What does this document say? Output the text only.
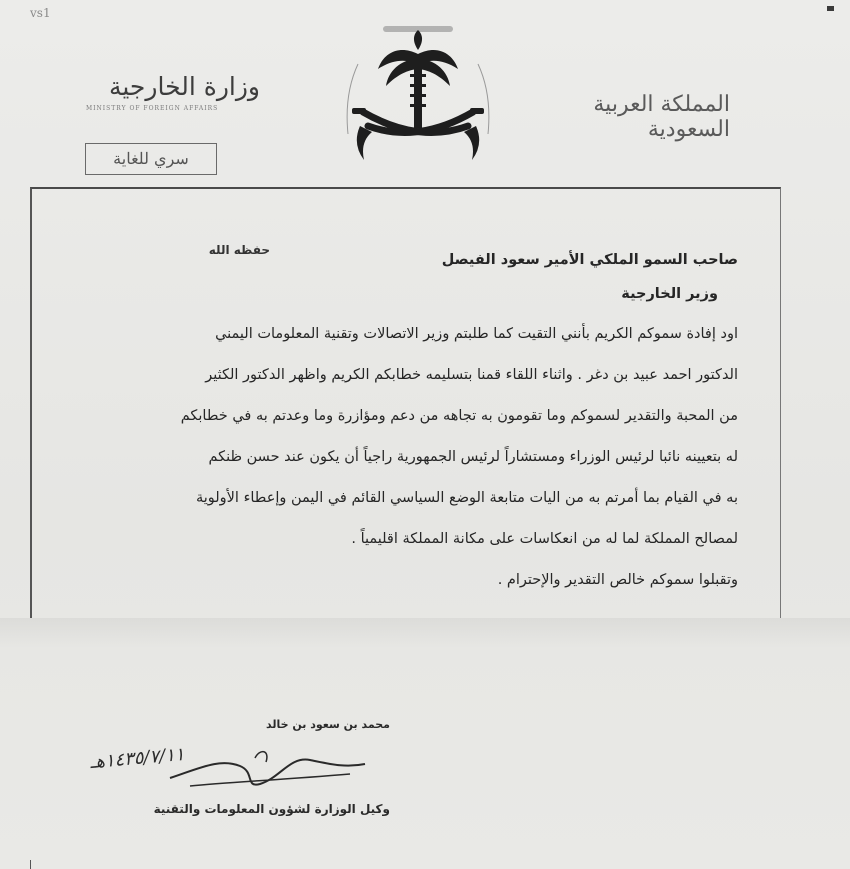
vs1
وزارة الخارجية
MINISTRY OF FOREIGN AFFAIRS
سري للغاية
المملكة العربية السعودية
حفظه الله
صاحب السمو الملكي الأمير سعود الفيصل
وزير الخارجية
اود إفادة سموكم الكريم بأنني التقيت كما طلبتم وزير الاتصالات وتقنية المعلومات اليمني
الدكتور احمد عبيد بن دغر . واثناء اللقاء قمنا بتسليمه خطابكم الكريم واظهر الدكتور الكثير
من المحبة والتقدير لسموكم وما تقومون به تجاهه من دعم ومؤازرة وما وعدتم به في خطابكم
له بتعيينه نائبا لرئيس الوزراء ومستشاراً لرئيس الجمهورية راجياً أن يكون عند حسن ظنكم
به في القيام بما أمرتم به من اليات متابعة الوضع السياسي القائم في اليمن وإعطاء الأولوية
لمصالح المملكة لما له من انعكاسات على مكانة المملكة اقليمياً .
وتقبلوا سموكم خالص التقدير والإحترام .
محمد بن سعود بن خالد
١٤٣٥/٧/١١هـ
وكيل الوزارة لشؤون المعلومات والتقنية
